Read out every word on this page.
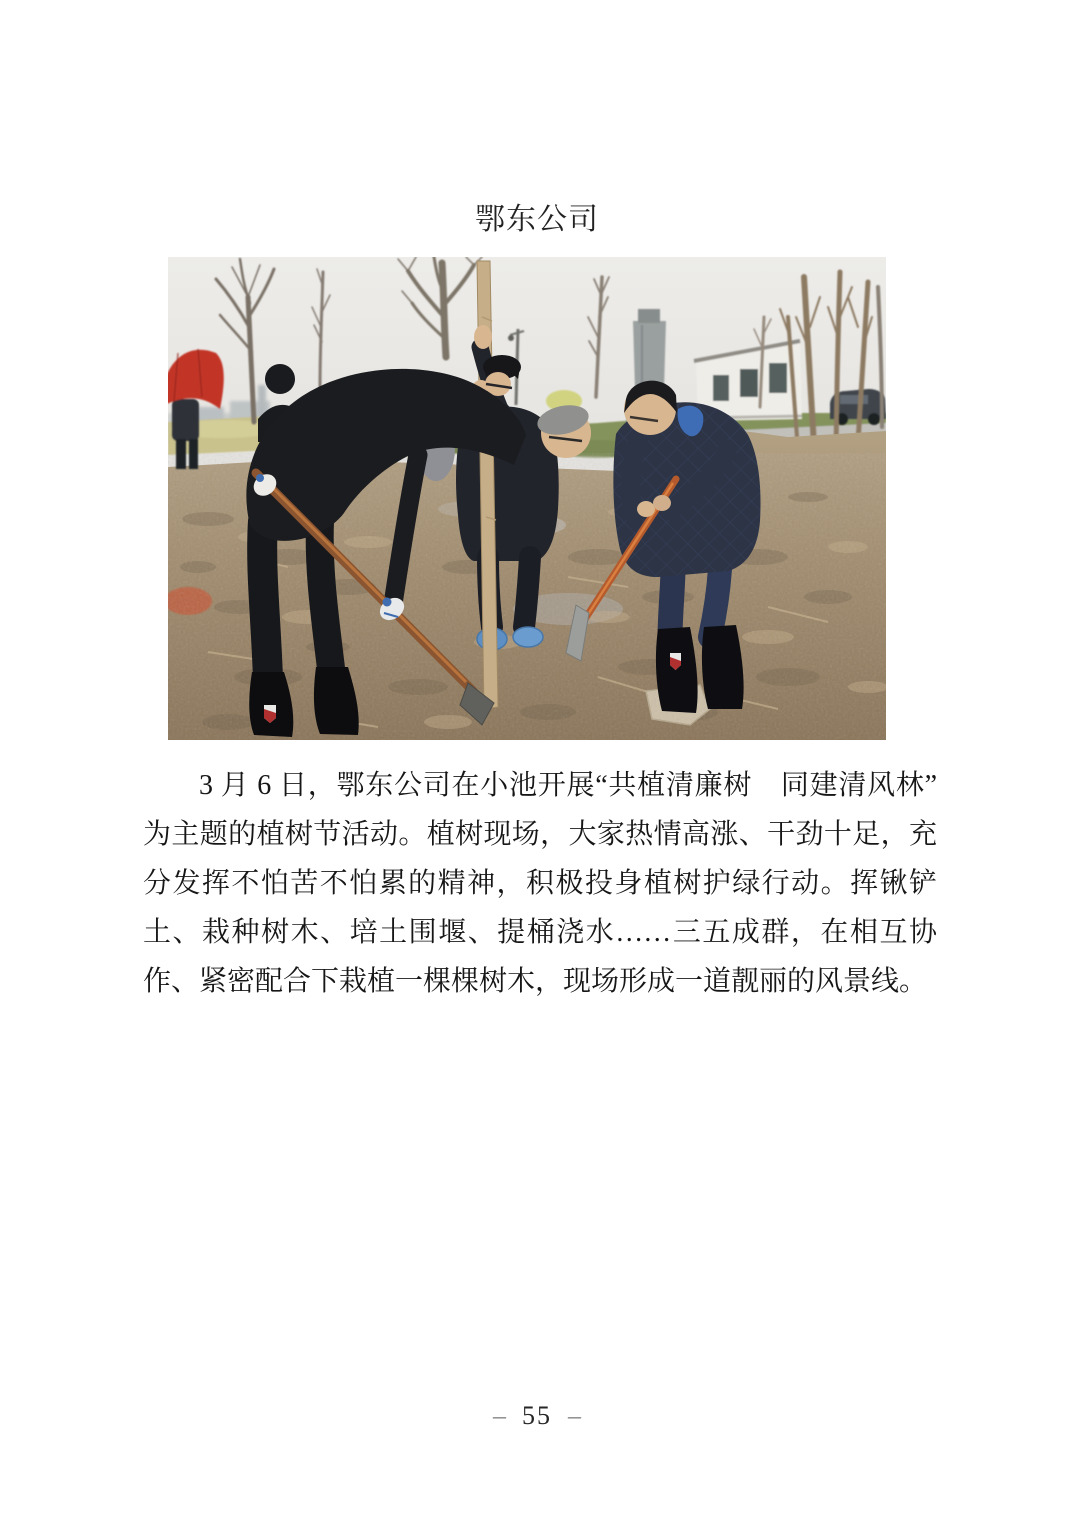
鄂东公司

3 月 6 日，鄂东公司在小池开展“共植清廉树　同建清风林”为主题的植树节活动。植树现场，大家热情高涨、干劲十足，充分发挥不怕苦不怕累的精神，积极投身植树护绿行动。挥锹铲土、栽种树木、培土围堰、提桶浇水……三五成群，在相互协作、紧密配合下栽植一棵棵树木，现场形成一道靓丽的风景线。

– 55 –
